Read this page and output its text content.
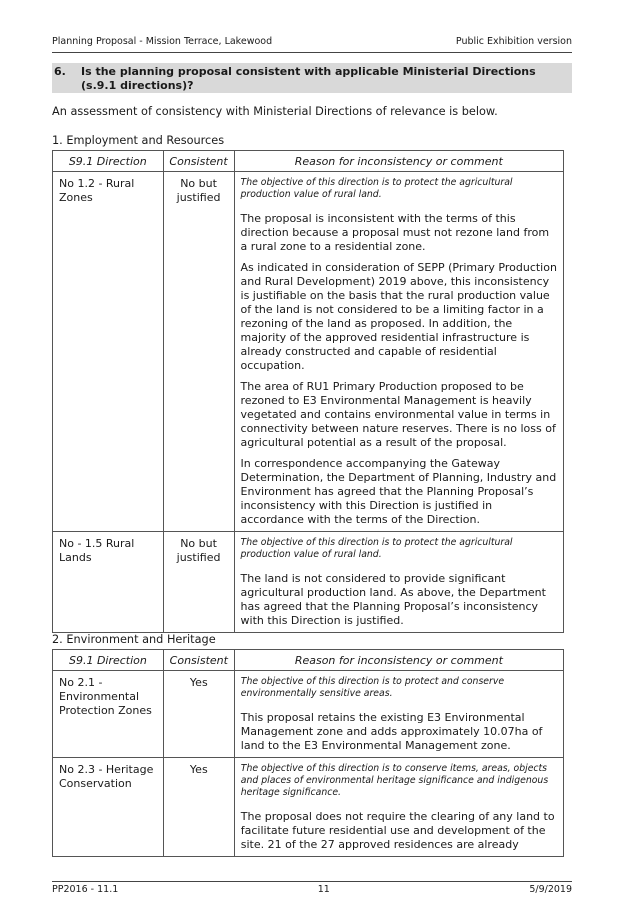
Planning Proposal - Mission Terrace, Lakewood	Public Exhibition version
6. Is the planning proposal consistent with applicable Ministerial Directions (s.9.1 directions)?
An assessment of consistency with Ministerial Directions of relevance is below.
1. Employment and Resources
S9.1 Direction	Consistent	Reason for inconsistency or comment
No 1.2 - Rural Zones	No but justified	The objective of this direction is to protect the agricultural production value of rural land.
The proposal is inconsistent with the terms of this direction because a proposal must not rezone land from a rural zone to a residential zone.
As indicated in consideration of SEPP (Primary Production and Rural Development) 2019 above, this inconsistency is justifiable on the basis that the rural production value of the land is not considered to be a limiting factor in a rezoning of the land as proposed. In addition, the majority of the approved residential infrastructure is already constructed and capable of residential occupation.
The area of RU1 Primary Production proposed to be rezoned to E3 Environmental Management is heavily vegetated and contains environmental value in terms in connectivity between nature reserves. There is no loss of agricultural potential as a result of the proposal.
In correspondence accompanying the Gateway Determination, the Department of Planning, Industry and Environment has agreed that the Planning Proposal’s inconsistency with this Direction is justified in accordance with the terms of the Direction.

No - 1.5 Rural Lands	No but justified	The objective of this direction is to protect the agricultural production value of rural land.
The land is not considered to provide significant agricultural production land. As above, the Department has agreed that the Planning Proposal’s inconsistency with this Direction is justified.
2. Environment and Heritage
S9.1 Direction	Consistent	Reason for inconsistency or comment
No 2.1 - Environmental Protection Zones	Yes	The objective of this direction is to protect and conserve environmentally sensitive areas.
This proposal retains the existing E3 Environmental Management zone and adds approximately 10.07ha of land to the E3 Environmental Management zone.

No 2.3 - Heritage Conservation	Yes	The objective of this direction is to conserve items, areas, objects and places of environmental heritage significance and indigenous heritage significance.
The proposal does not require the clearing of any land to facilitate future residential use and development of the site. 21 of the 27 approved residences are already
PP2016 - 11.1	11	5/9/2019
